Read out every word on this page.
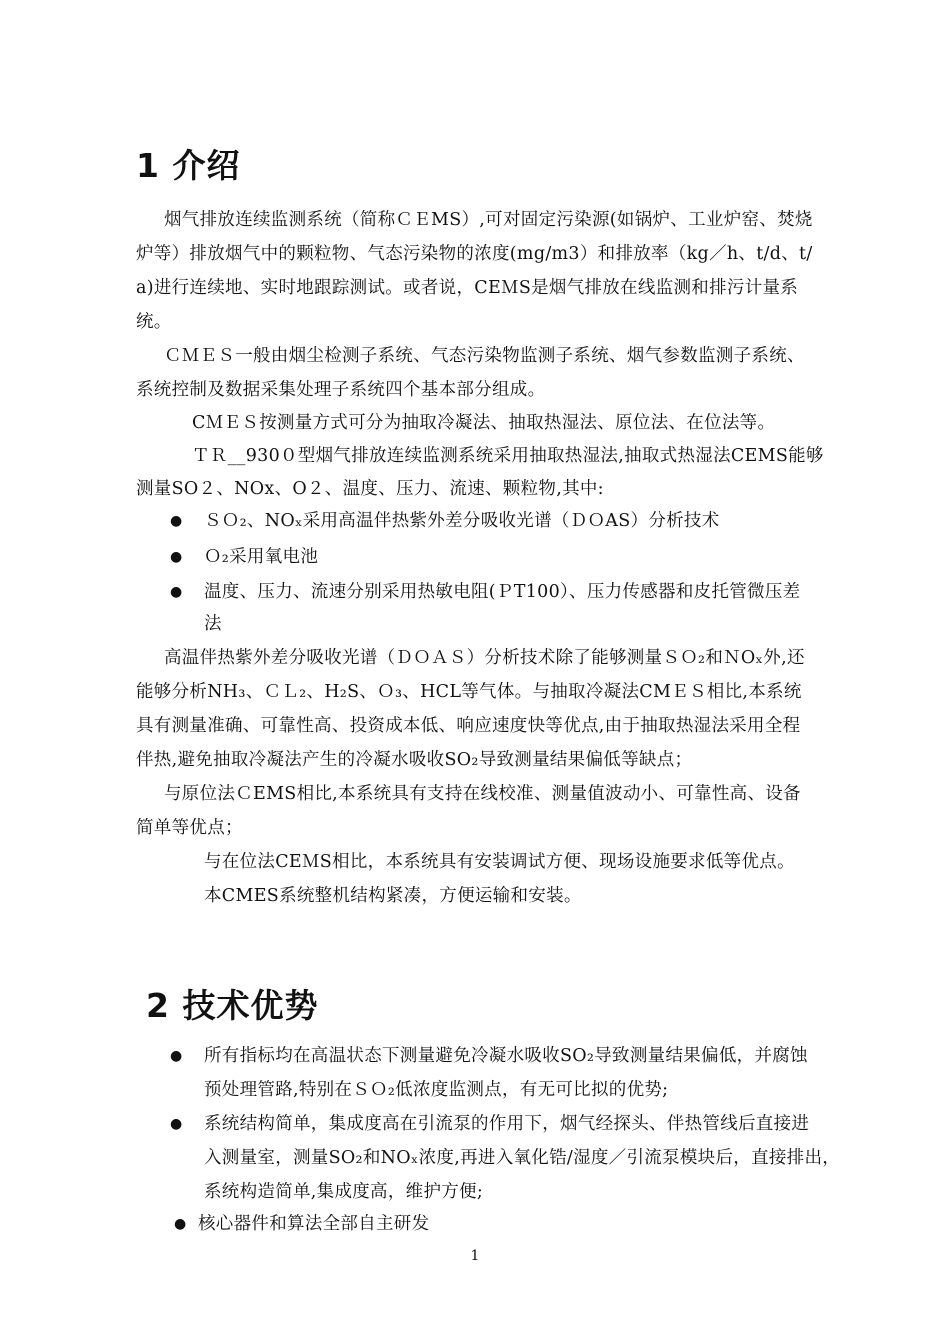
1 介绍
烟气排放连续监测系统（简称ＣＥMS）,可对固定污染源(如锅炉、工业炉窑、焚烧
炉等）排放烟气中的颗粒物、气态污染物的浓度(mg/m3）和排放率（kg／h、t/d、t/
a)进行连续地、实时地跟踪测试。或者说，CEＭS是烟气排放在线监测和排污计量系
统。
ＣＭＥＳ一般由烟尘检测子系统、气态污染物监测子系统、烟气参数监测子系统、
系统控制及数据采集处理子系统四个基本部分组成。
CＭＥＳ按测量方式可分为抽取冷凝法、抽取热湿法、原位法、在位法等。
ＴＲ__930０型烟气排放连续监测系统采用抽取热湿法,抽取式热湿法CEMS能够
测量SO２、NOx、O２、温度、压力、流速、颗粒物,其中:
● ＳＯ₂、NOₓ采用高温伴热紫外差分吸收光谱（ＤＯAS）分析技术
● Ｏ₂采用氧电池
● 温度、压力、流速分别采用热敏电阻(ＰT100）、压力传感器和皮托管微压差
法
高温伴热紫外差分吸收光谱（ＤＯＡＳ）分析技术除了能够测量ＳＯ₂和ＮOₓ外,还
能够分析NH₃、ＣＬ₂、H₂S、Ｏ₃、HCL等气体。与抽取冷凝法CMＥＳ相比,本系统
具有测量准确、可靠性高、投资成本低、响应速度快等优点,由于抽取热湿法采用全程
伴热,避免抽取冷凝法产生的冷凝水吸收SO₂导致测量结果偏低等缺点；
与原位法ＣEMS相比,本系统具有支持在线校准、测量值波动小、可靠性高、设备
简单等优点；
与在位法CEＭS相比，本系统具有安装调试方便、现场设施要求低等优点。
本CMES系统整机结构紧凑，方便运输和安装。
2 技术优势
● 所有指标均在高温状态下测量避免冷凝水吸收SO₂导致测量结果偏低，并腐蚀
预处理管路,特别在ＳＯ₂低浓度监测点，有无可比拟的优势;
● 系统结构简单，集成度高在引流泵的作用下，烟气经探头、伴热管线后直接进
入测量室，测量SO₂和NOₓ浓度,再进入氧化锆/湿度／引流泵模块后，直接排出，
系统构造简单,集成度高，维护方便;
● 核心器件和算法全部自主研发
1
